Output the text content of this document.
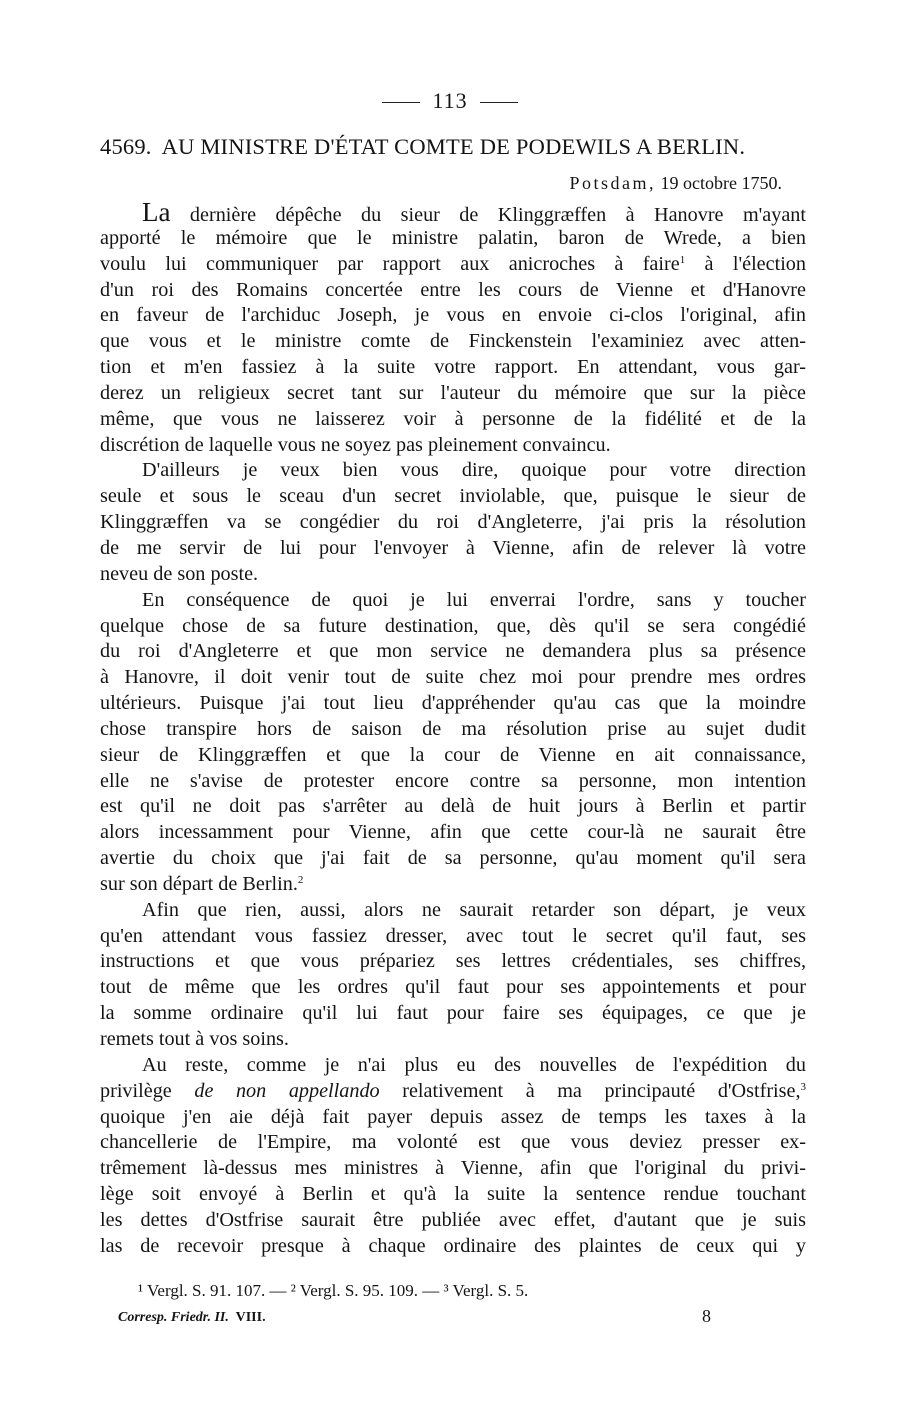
113
4569. AU MINISTRE D'ÉTAT COMTE DE PODEWILS A BERLIN.
Potsdam, 19 octobre 1750.
La dernière dépêche du sieur de Klinggræffen à Hanovre m'ayant
apporté le mémoire que le ministre palatin, baron de Wrede, a bien
voulu lui communiquer par rapport aux anicroches à faire$^1$ à l'élection
d'un roi des Romains concertée entre les cours de Vienne et d'Hanovre
en faveur de l'archiduc Joseph, je vous en envoie ci-clos l'original, afin
que vous et le ministre comte de Finckenstein l'examiniez avec atten-
tion et m'en fassiez à la suite votre rapport. En attendant, vous gar-
derez un religieux secret tant sur l'auteur du mémoire que sur la pièce
même, que vous ne laisserez voir à personne de la fidélité et de la
discrétion de laquelle vous ne soyez pas pleinement convaincu.
D'ailleurs je veux bien vous dire, quoique pour votre direction
seule et sous le sceau d'un secret inviolable, que, puisque le sieur de
Klinggræffen va se congédier du roi d'Angleterre, j'ai pris la résolution
de me servir de lui pour l'envoyer à Vienne, afin de relever là votre
neveu de son poste.
En conséquence de quoi je lui enverrai l'ordre, sans y toucher
quelque chose de sa future destination, que, dès qu'il se sera congédié
du roi d'Angleterre et que mon service ne demandera plus sa présence
à Hanovre, il doit venir tout de suite chez moi pour prendre mes ordres
ultérieurs. Puisque j'ai tout lieu d'appréhender qu'au cas que la moindre
chose transpire hors de saison de ma résolution prise au sujet dudit
sieur de Klinggræffen et que la cour de Vienne en ait connaissance,
elle ne s'avise de protester encore contre sa personne, mon intention
est qu'il ne doit pas s'arrêter au delà de huit jours à Berlin et partir
alors incessamment pour Vienne, afin que cette cour-là ne saurait être
avertie du choix que j'ai fait de sa personne, qu'au moment qu'il sera
sur son départ de Berlin.$^2$
Afin que rien, aussi, alors ne saurait retarder son départ, je veux
qu'en attendant vous fassiez dresser, avec tout le secret qu'il faut, ses
instructions et que vous prépariez ses lettres crédentiales, ses chiffres,
tout de même que les ordres qu'il faut pour ses appointements et pour
la somme ordinaire qu'il lui faut pour faire ses équipages, ce que je
remets tout à vos soins.
Au reste, comme je n'ai plus eu des nouvelles de l'expédition du
privilège de non appellando relativement à ma principauté d'Ostfrise,$^3$
quoique j'en aie déjà fait payer depuis assez de temps les taxes à la
chancellerie de l'Empire, ma volonté est que vous deviez presser ex-
trêmement là-dessus mes ministres à Vienne, afin que l'original du privi-
lège soit envoyé à Berlin et qu'à la suite la sentence rendue touchant
les dettes d'Ostfrise saurait être publiée avec effet, d'autant que je suis
las de recevoir presque à chaque ordinaire des plaintes de ceux qui y
¹ Vergl. S. 91. 107. — ² Vergl. S. 95. 109. — ³ Vergl. S. 5.
Corresp. Friedr. II. VIII.	8
